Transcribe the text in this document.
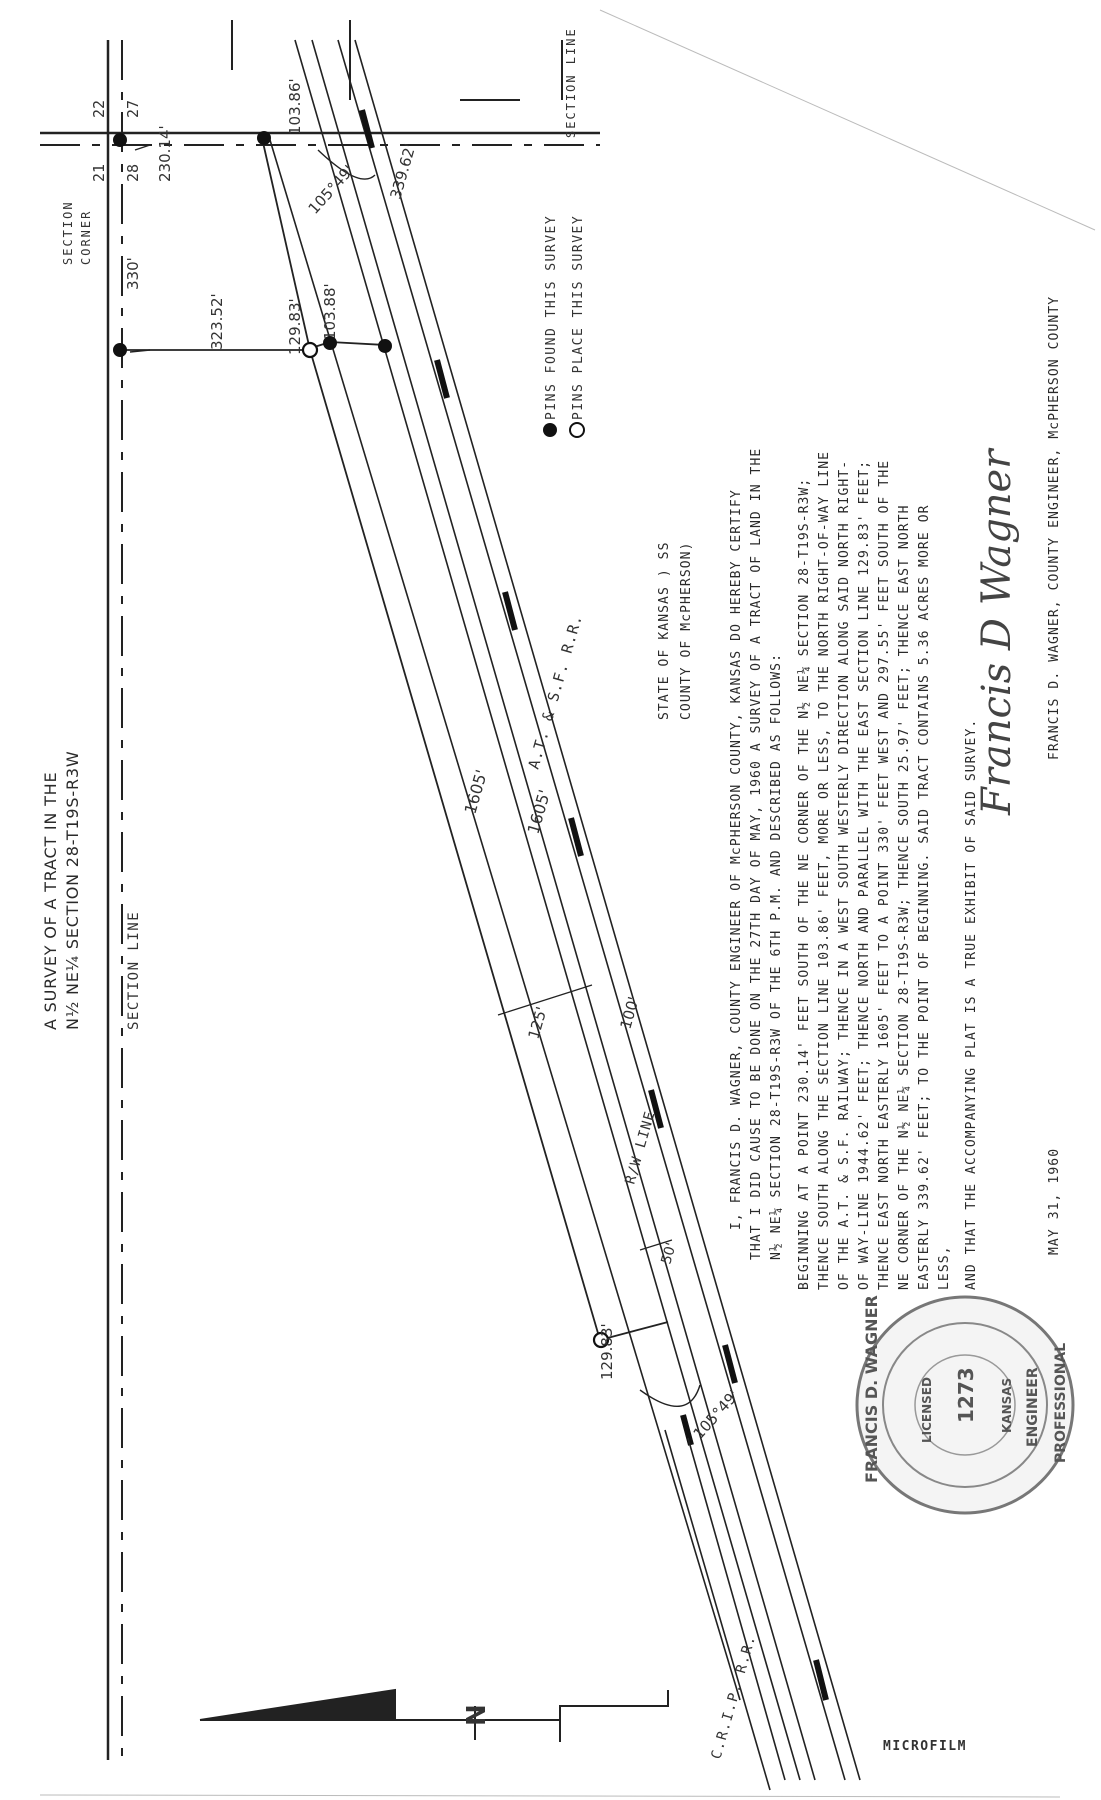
A SURVEY OF A TRACT IN THE N½ NE¼ SECTION 28-T19S-R3W	SECTION LINE
SECTION CORNER
21
22
28
27
330'
230.14'
323.52'	129.83' 103.88'
129.83'
PINS FOUND THIS SURVEY PINS PLACE THIS SURVEY
STATE OF KANSAS ) SS COUNTY OF McPHERSON)	I, FRANCIS D. WAGNER, COUNTY ENGINEER OF McPHERSON COUNTY, KANSAS DO HEREBY CERTIFY THAT I DID CAUSE TO BE DONE ON THE 27TH DAY OF MAY, 1960 A SURVEY OF A TRACT OF LAND IN THE N½ NE¼ SECTION 28-T19S-R3W OF THE 6TH P.M. AND DESCRIBED AS FOLLOWS: BEGINNING AT A POINT 230.14' FEET SOUTH OF THE NE CORNER OF THE N½ NE¼ SECTION 28-T19S-R3W; THENCE SOUTH ALONG THE SECTION LINE 103.86' FEET, MORE OR LESS, TO THE NORTH RIGHT-OF-WAY LINE OF THE A.T. & S.F. RAILWAY; THENCE IN A WEST SOUTH WESTERLY DIRECTION ALONG SAID NORTH RIGHT- OF WAY-LINE 1944.62' FEET; THENCE NORTH AND PARALLEL WITH THE EAST SECTION LINE 129.83' FEET; THENCE EAST NORTH EASTERLY 1605' FEET TO A POINT 330' FEET WEST AND 297.55' FEET SOUTH OF THE NE CORNER OF THE N½ NE¼ SECTION 28-T19S-R3W; THENCE SOUTH 25.97' FEET; THENCE EAST NORTH EASTERLY 339.62' FEET; TO THE POINT OF BEGINNING. SAID TRACT CONTAINS 5.36 ACRES MORE OR LESS, AND THAT THE ACCOMPANYING PLAT IS A TRUE EXHIBIT OF SAID SURVEY.	MAY 31, 1960
FRANCIS D. WAGNER, COUNTY ENGINEER, McPHERSON COUNTY
1605' 1605'
A.T. & S.F. R.R.
R/W LINE
C.R.I.P. R.R.
125'	100'
50'
339.62'
105°49'
105°49'
103.86'	SECTION LINE
N
1273
LICENSED	KANSAS
FRANCIS D. WAGNER	PROFESSIONAL
ENGINEER
Francis D Wagner
MICROFILM
